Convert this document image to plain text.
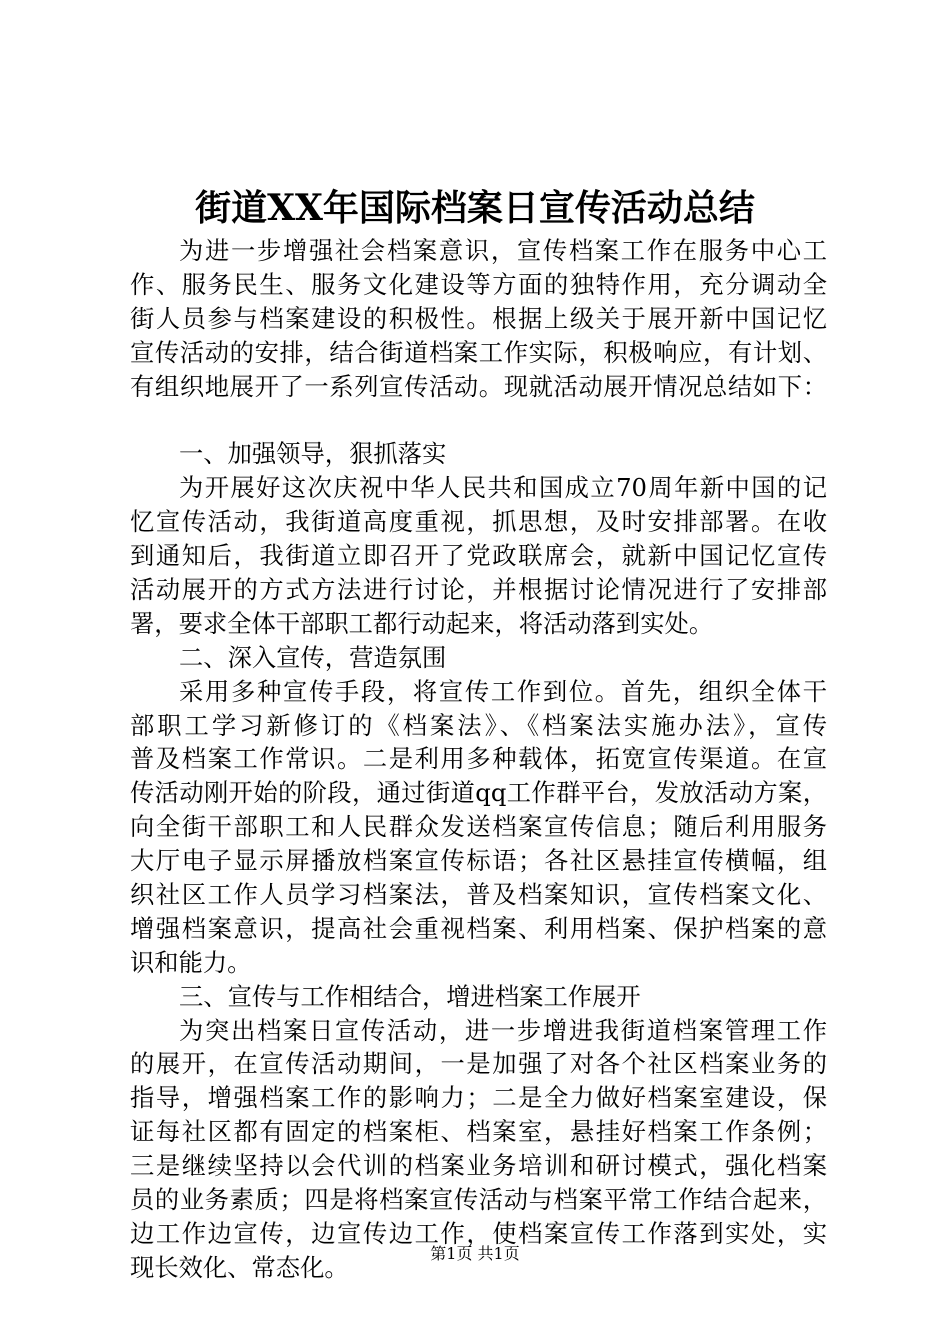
街道XX年国际档案日宣传活动总结
为进一步增强社会档案意识，宣传档案工作在服务中心工
作、服务民生、服务文化建设等方面的独特作用，充分调动全
街人员参与档案建设的积极性。根据上级关于展开新中国记忆
宣传活动的安排，结合街道档案工作实际，积极响应，有计划、
有组织地展开了一系列宣传活动。现就活动展开情况总结如下：
一、加强领导，狠抓落实
为开展好这次庆祝中华人民共和国成立70周年新中国的记
忆宣传活动，我街道高度重视，抓思想，及时安排部署。在收
到通知后，我街道立即召开了党政联席会，就新中国记忆宣传
活动展开的方式方法进行讨论，并根据讨论情况进行了安排部
署，要求全体干部职工都行动起来，将活动落到实处。
二、深入宣传，营造氛围
采用多种宣传手段，将宣传工作到位。首先，组织全体干
部职工学习新修订的《档案法》、《档案法实施办法》，宣传
普及档案工作常识。二是利用多种载体，拓宽宣传渠道。在宣
传活动刚开始的阶段，通过街道qq工作群平台，发放活动方案，
向全街干部职工和人民群众发送档案宣传信息；随后利用服务
大厅电子显示屏播放档案宣传标语；各社区悬挂宣传横幅，组
织社区工作人员学习档案法，普及档案知识，宣传档案文化、
增强档案意识，提高社会重视档案、利用档案、保护档案的意
识和能力。
三、宣传与工作相结合，增进档案工作展开
为突出档案日宣传活动，进一步增进我街道档案管理工作
的展开，在宣传活动期间，一是加强了对各个社区档案业务的
指导，增强档案工作的影响力；二是全力做好档案室建设，保
证每社区都有固定的档案柜、档案室，悬挂好档案工作条例；
三是继续坚持以会代训的档案业务培训和研讨模式，强化档案
员的业务素质；四是将档案宣传活动与档案平常工作结合起来，
边工作边宣传，边宣传边工作，使档案宣传工作落到实处，实
现长效化、常态化。	第1页 共1页
